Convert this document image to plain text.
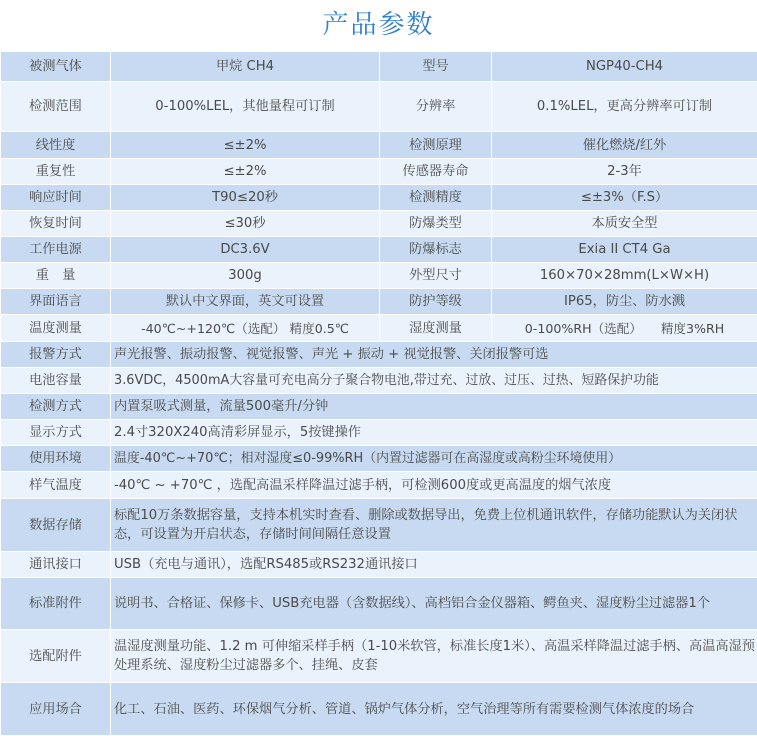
产品参数
被测气体	甲烷 CH4	型号	NGP40-CH4
检测范围	0-100%LEL，其他量程可订制	分辨率	0.1%LEL，更高分辨率可订制
线性度	≤±2%	检测原理	催化燃烧/红外
重复性	≤±2%	传感器寿命	2-3年
响应时间	T90≤20秒	检测精度	≤±3%（F.S）
恢复时间	≤30秒	防爆类型	本质安全型
工作电源	DC3.6V	防爆标志	Exia II CT4 Ga
重　量	300g	外型尺寸	160×70×28mm(L×W×H)
界面语言	默认中文界面，英文可设置	防护等级	IP65，防尘、防水溅
温度测量	-40℃~+120℃（选配） 精度0.5℃	湿度测量	0-100%RH（选配）　　精度3%RH
报警方式	声光报警、振动报警、视觉报警、声光 + 振动 + 视觉报警、关闭报警可选		
电池容量	3.6VDC，4500mA大容量可充电高分子聚合物电池,带过充、过放、过压、过热、短路保护功能		
检测方式	内置泵吸式测量，流量500毫升/分钟		
显示方式	2.4寸320X240高清彩屏显示，5按键操作		
使用环境	温度-40℃~+70℃；相对湿度≤0-99%RH（内置过滤器可在高湿度或高粉尘环境使用）		
样气温度	-40℃ ~ +70℃ ，选配高温采样降温过滤手柄，可检测600度或更高温度的烟气浓度		
数据存储	标配10万条数据容量，支持本机实时查看、删除或数据导出，免费上位机通讯软件，存储功能默认为关闭状态，可设置为开启状态，存储时间间隔任意设置		
通讯接口	USB（充电与通讯），选配RS485或RS232通讯接口		
标准附件	说明书、合格证、保修卡、USB充电器（含数据线）、高档铝合金仪器箱、鳄鱼夹、湿度粉尘过滤器1个		
选配附件	温湿度测量功能、1.2 m 可伸缩采样手柄（1-10米软管，标准长度1米）、高温采样降温过滤手柄、高温高湿预处理系统、湿度粉尘过滤器多个、挂绳、皮套		
应用场合	化工、石油、医药、环保烟气分析、管道、锅炉气体分析，空气治理等所有需要检测气体浓度的场合		
